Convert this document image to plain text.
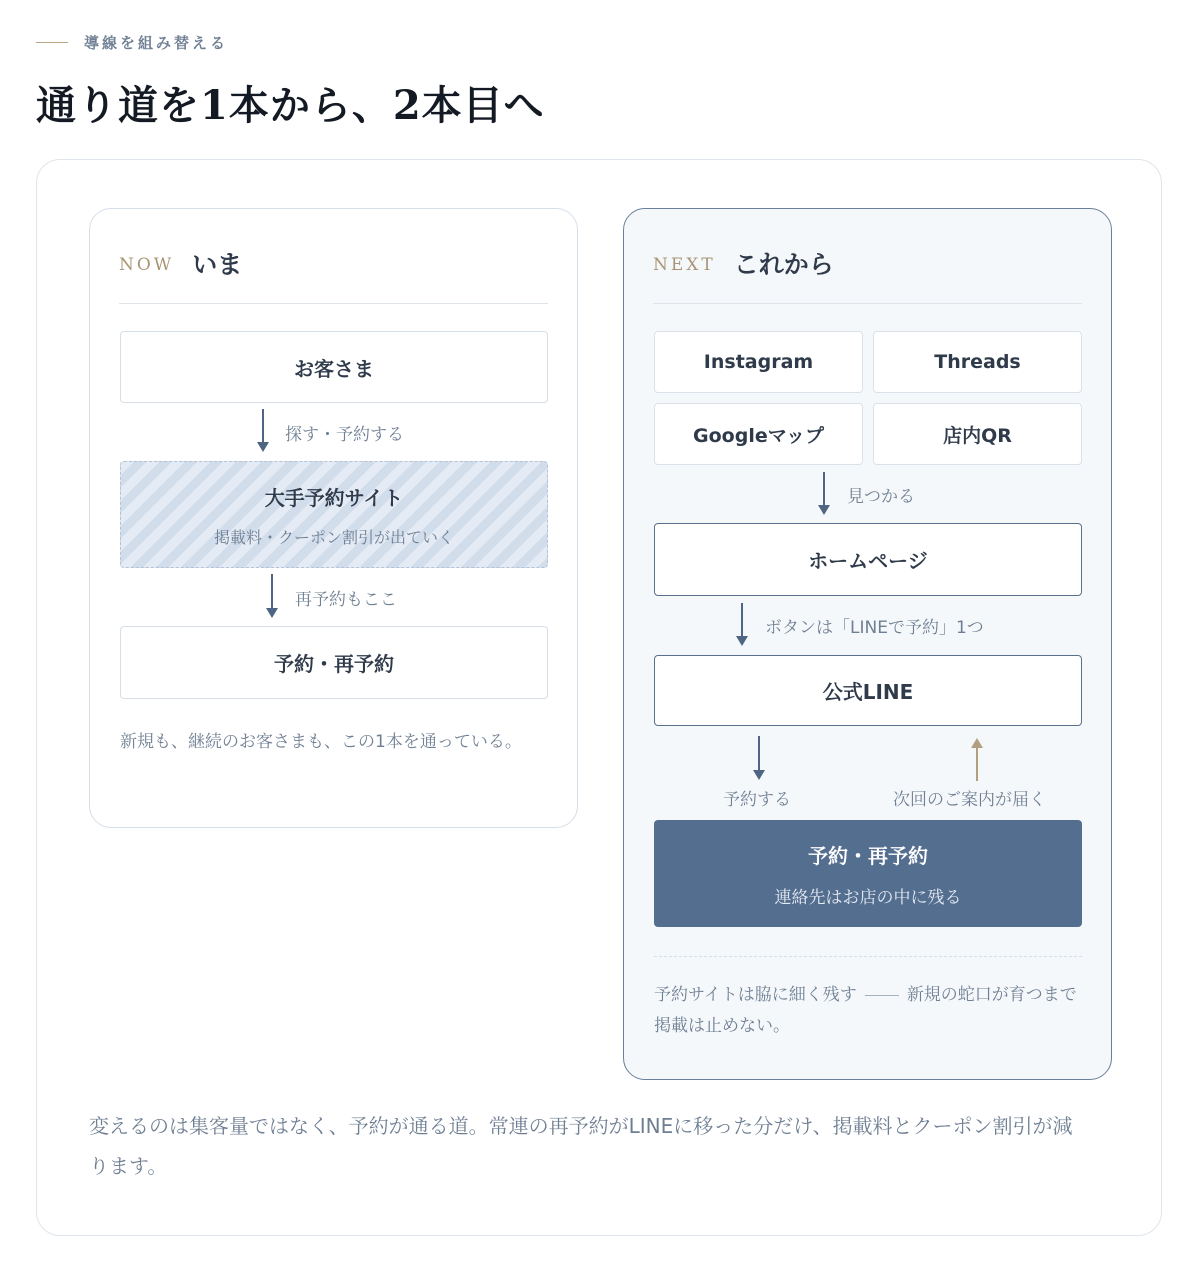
導線を組み替える
通り道を1本から、2本目へ
NOW いま
お客さま
探す・予約する
大手予約サイト
掲載料・クーポン割引が出ていく
再予約もここ
予約・再予約
新規も、継続のお客さまも、この1本を通っている。
NEXT これから
Instagram	Threads
Googleマップ	店内QR
見つかる
ホームページ
ボタンは「LINEで予約」1つ
公式LINE
予約する	次回のご案内が届く
予約・再予約
連絡先はお店の中に残る
予約サイトは脇に細く残す	新規の蛇口が育つまで掲載は止めない。
変えるのは集客量ではなく、予約が通る道。常連の再予約がLINEに移った分だけ、掲載料とクーポン割引が減ります。
